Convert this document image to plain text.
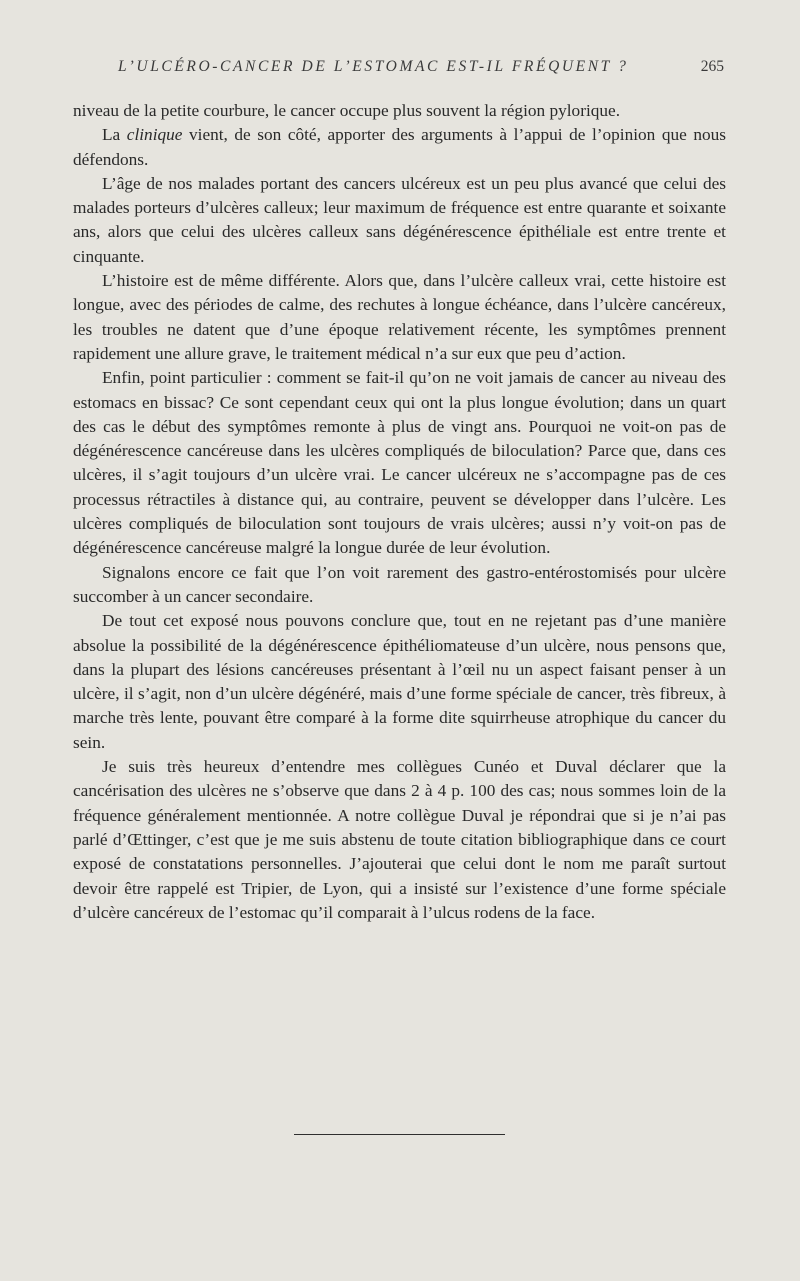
L’ULCÉRO-CANCER DE L’ESTOMAC EST-IL FRÉQUENT ?	265

niveau de la petite courbure, le cancer occupe plus souvent la région pylorique.

La clinique vient, de son côté, apporter des arguments à l’appui de l’opinion que nous défendons.

L’âge de nos malades portant des cancers ulcéreux est un peu plus avancé que celui des malades porteurs d’ulcères calleux; leur maximum de fréquence est entre quarante et soixante ans, alors que celui des ulcères calleux sans dégénérescence épithéliale est entre trente et cinquante.

L’histoire est de même différente. Alors que, dans l’ulcère calleux vrai, cette histoire est longue, avec des périodes de calme, des rechutes à longue échéance, dans l’ulcère cancéreux, les troubles ne datent que d’une époque relativement récente, les symptômes prennent rapidement une allure grave, le traitement médical n’a sur eux que peu d’action.

Enfin, point particulier : comment se fait-il qu’on ne voit jamais de cancer au niveau des estomacs en bissac? Ce sont cependant ceux qui ont la plus longue évolution; dans un quart des cas le début des symptômes remonte à plus de vingt ans. Pourquoi ne voit-on pas de dégénérescence cancéreuse dans les ulcères compliqués de biloculation? Parce que, dans ces ulcères, il s’agit toujours d’un ulcère vrai. Le cancer ulcéreux ne s’accompagne pas de ces processus rétractiles à distance qui, au contraire, peuvent se développer dans l’ulcère. Les ulcères compliqués de biloculation sont toujours de vrais ulcères; aussi n’y voit-on pas de dégénérescence cancéreuse malgré la longue durée de leur évolution.

Signalons encore ce fait que l’on voit rarement des gastro-entérostomisés pour ulcère succomber à un cancer secondaire.

De tout cet exposé nous pouvons conclure que, tout en ne rejetant pas d’une manière absolue la possibilité de la dégénérescence épithéliomateuse d’un ulcère, nous pensons que, dans la plupart des lésions cancéreuses présentant à l’œil nu un aspect faisant penser à un ulcère, il s’agit, non d’un ulcère dégénéré, mais d’une forme spéciale de cancer, très fibreux, à marche très lente, pouvant être comparé à la forme dite squirrheuse atrophique du cancer du sein.

Je suis très heureux d’entendre mes collègues Cunéo et Duval déclarer que la cancérisation des ulcères ne s’observe que dans 2 à 4 p. 100 des cas; nous sommes loin de la fréquence généralement mentionnée. A notre collègue Duval je répondrai que si je n’ai pas parlé d’Œttinger, c’est que je me suis abstenu de toute citation bibliographique dans ce court exposé de constatations personnelles. J’ajouterai que celui dont le nom me paraît surtout devoir être rappelé est Tripier, de Lyon, qui a insisté sur l’existence d’une forme spéciale d’ulcère cancéreux de l’estomac qu’il comparait à l’ulcus rodens de la face.
